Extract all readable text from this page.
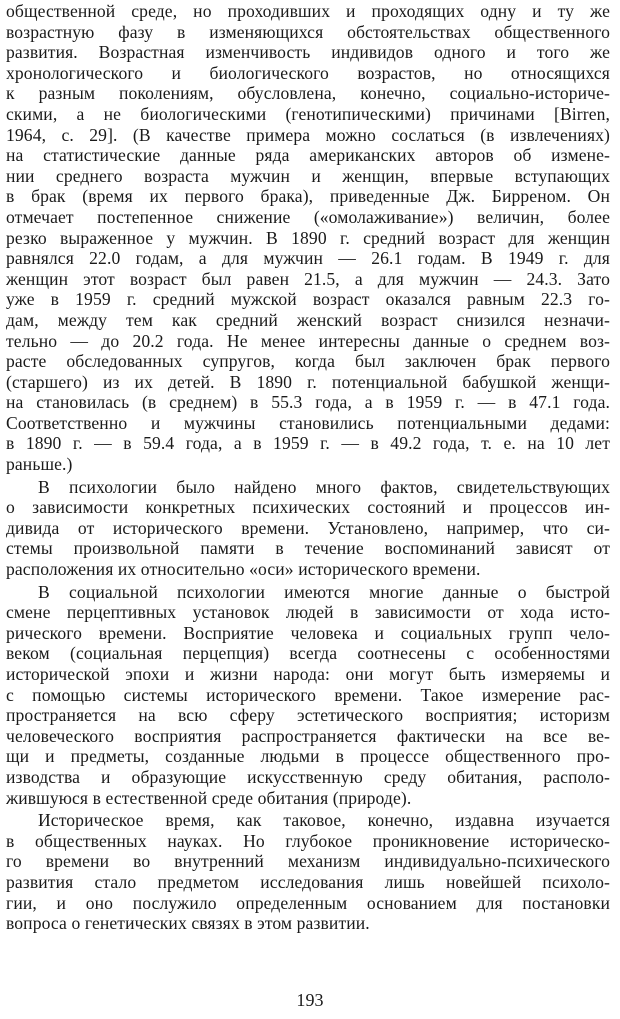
общественной среде, но проходивших и проходящих одну и ту же
возрастную фазу в изменяющихся обстоятельствах общественного
развития. Возрастная изменчивость индивидов одного и того же
хронологического и биологического возрастов, но относящихся
к разным поколениям, обусловлена, конечно, социально-историче-
скими, а не биологическими (генотипическими) причинами [Birren,
1964, с. 29]. (В качестве примера можно сослаться (в извлечениях)
на статистические данные ряда американских авторов об измене-
нии среднего возраста мужчин и женщин, впервые вступающих
в брак (время их первого брака), приведенные Дж. Бирреном. Он
отмечает постепенное снижение («омолаживание») величин, более
резко выраженное у мужчин. В 1890 г. средний возраст для женщин
равнялся 22.0 годам, а для мужчин — 26.1 годам. В 1949 г. для
женщин этот возраст был равен 21.5, а для мужчин — 24.3. Зато
уже в 1959 г. средний мужской возраст оказался равным 22.3 го-
дам, между тем как средний женский возраст снизился незначи-
тельно — до 20.2 года. Не менее интересны данные о среднем воз-
расте обследованных супругов, когда был заключен брак первого
(старшего) из их детей. В 1890 г. потенциальной бабушкой женщи-
на становилась (в среднем) в 55.3 года, а в 1959 г. — в 47.1 года.
Соответственно и мужчины становились потенциальными дедами:
в 1890 г. — в 59.4 года, а в 1959 г. — в 49.2 года, т. е. на 10 лет
раньше.)
В психологии было найдено много фактов, свидетельствующих
о зависимости конкретных психических состояний и процессов ин-
дивида от исторического времени. Установлено, например, что си-
стемы произвольной памяти в течение воспоминаний зависят от
расположения их относительно «оси» исторического времени.
В социальной психологии имеются многие данные о быстрой
смене перцептивных установок людей в зависимости от хода исто-
рического времени. Восприятие человека и социальных групп чело-
веком (социальная перцепция) всегда соотнесены с особенностями
исторической эпохи и жизни народа: они могут быть измеряемы и
с помощью системы исторического времени. Такое измерение рас-
пространяется на всю сферу эстетического восприятия; историзм
человеческого восприятия распространяется фактически на все ве-
щи и предметы, созданные людьми в процессе общественного про-
изводства и образующие искусственную среду обитания, располо-
жившуюся в естественной среде обитания (природе).
Историческое время, как таковое, конечно, издавна изучается
в общественных науках. Но глубокое проникновение историческо-
го времени во внутренний механизм индивидуально-психического
развития стало предметом исследования лишь новейшей психоло-
гии, и оно послужило определенным основанием для постановки
вопроса о генетических связях в этом развитии.
193
